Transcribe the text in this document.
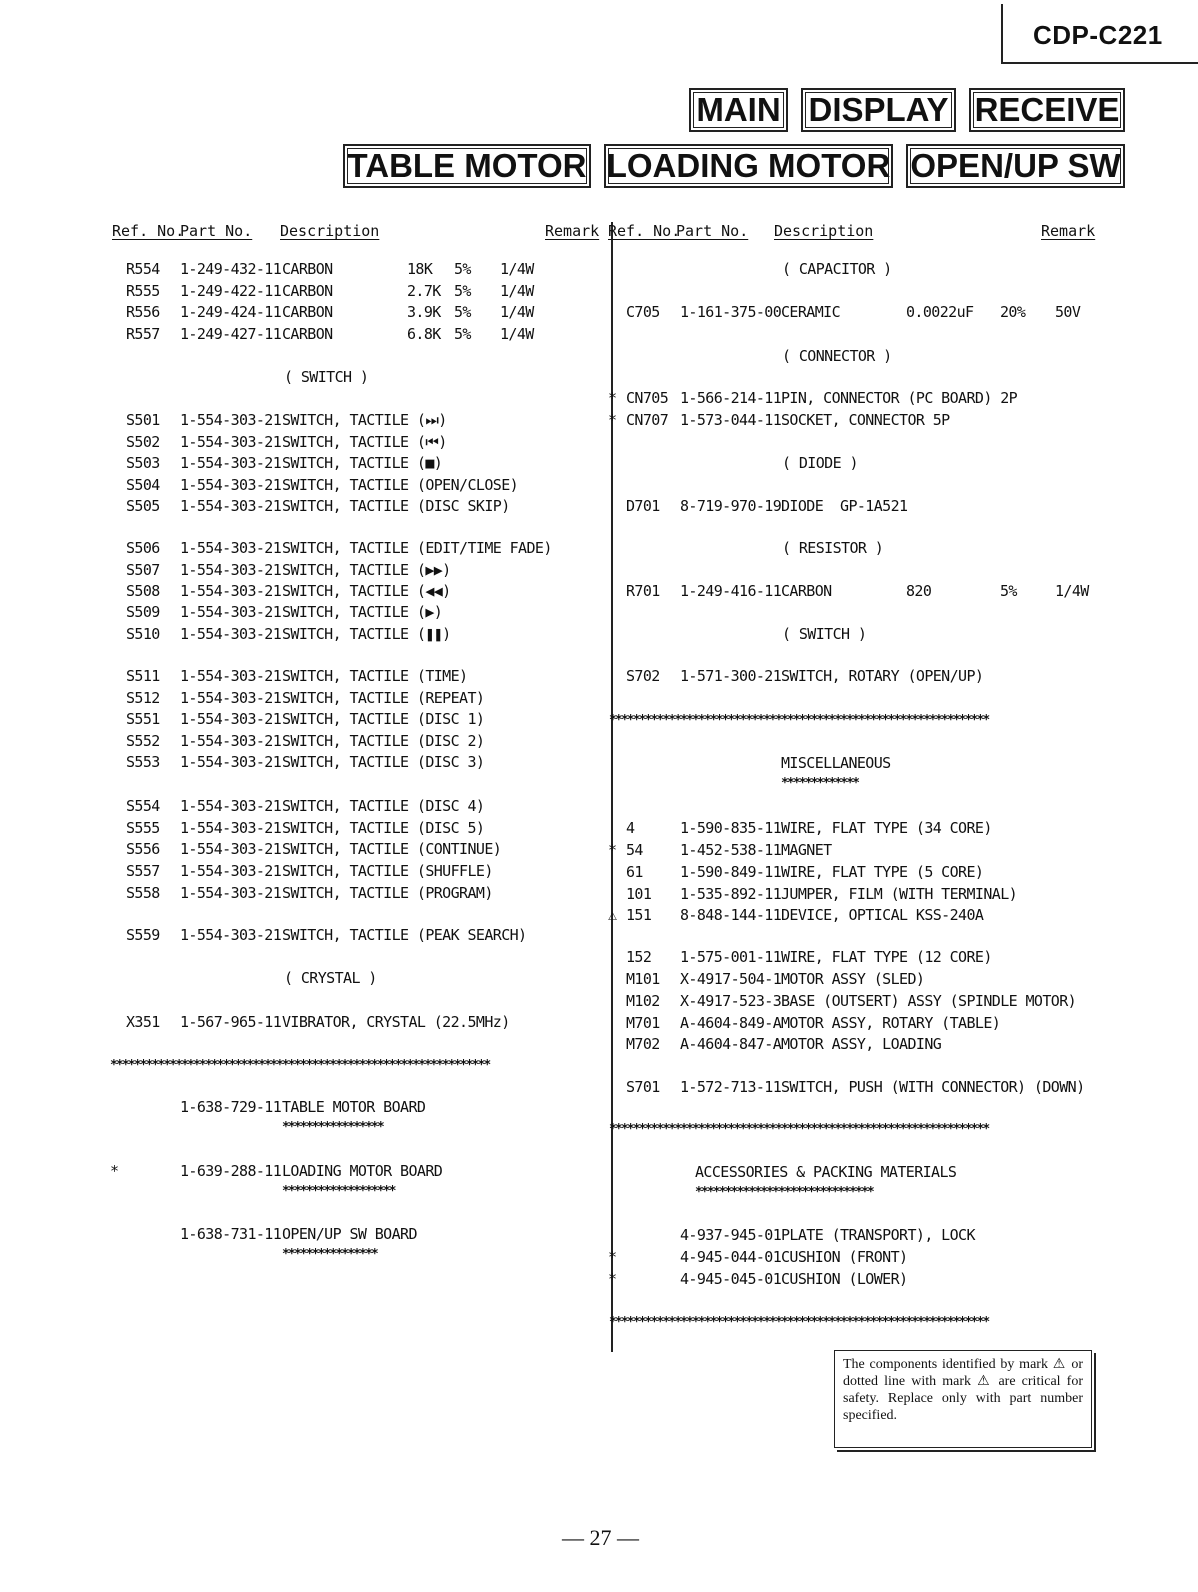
CDP-C221
MAIN DISPLAY RECEIVE
TABLE MOTOR LOADING MOTOR OPEN/UP SW
Ref. No.
Part No. Description	Remark
R554 1-249-432-11 CARBON	18K 5% 1/4W
R555 1-249-422-11 CARBON	2.7K 5% 1/4W
R556 1-249-424-11 CARBON	3.9K 5% 1/4W
R557 1-249-427-11 CARBON	6.8K 5% 1/4W
( SWITCH )
S501 1-554-303-21 SWITCH, TACTILE (⏭)
S502 1-554-303-21 SWITCH, TACTILE (⏮)
S503 1-554-303-21 SWITCH, TACTILE (■)
S504 1-554-303-21 SWITCH, TACTILE (OPEN/CLOSE)
S505 1-554-303-21 SWITCH, TACTILE (DISC SKIP)
S506 1-554-303-21 SWITCH, TACTILE (EDIT/TIME FADE)
S507 1-554-303-21 SWITCH, TACTILE (▶▶)
S508 1-554-303-21 SWITCH, TACTILE (◀◀)
S509 1-554-303-21 SWITCH, TACTILE (▶)
S510 1-554-303-21 SWITCH, TACTILE (❚❚)
S511 1-554-303-21 SWITCH, TACTILE (TIME)
S512 1-554-303-21 SWITCH, TACTILE (REPEAT)
S551 1-554-303-21 SWITCH, TACTILE (DISC 1)
S552 1-554-303-21 SWITCH, TACTILE (DISC 2)
S553 1-554-303-21 SWITCH, TACTILE (DISC 3)
S554 1-554-303-21 SWITCH, TACTILE (DISC 4)
S555 1-554-303-21 SWITCH, TACTILE (DISC 5)
S556 1-554-303-21 SWITCH, TACTILE (CONTINUE)
S557 1-554-303-21 SWITCH, TACTILE (SHUFFLE)
S558 1-554-303-21 SWITCH, TACTILE (PROGRAM)
S559 1-554-303-21 SWITCH, TACTILE (PEAK SEARCH)
( CRYSTAL )
X351 1-567-965-11 VIBRATOR, CRYSTAL (22.5MHz)
****************************************************************
1-638-729-11 TABLE MOTOR BOARD
*****************
*	1-639-288-11 LOADING MOTOR BOARD
*******************
1-638-731-11 OPEN/UP SW BOARD
****************
Ref. No.
Part No. Description	Remark
( CAPACITOR )
C705 1-161-375-00 CERAMIC	0.0022uF 20% 50V
( CONNECTOR )
* CN705 1-566-214-11 PIN, CONNECTOR (PC BOARD) 2P
* CN707 1-573-044-11 SOCKET, CONNECTOR 5P
( DIODE )
D701 8-719-970-19 DIODE  GP-1A521
( RESISTOR )
R701 1-249-416-11 CARBON	820	5%	1/4W
( SWITCH )
S702 1-571-300-21 SWITCH, ROTARY (OPEN/UP)
****************************************************************
MISCELLANEOUS
*************
4	1-590-835-11 WIRE, FLAT TYPE (34 CORE)
* 54 1-452-538-11 MAGNET
61 1-590-849-11 WIRE, FLAT TYPE (5 CORE)
101 1-535-892-11 JUMPER, FILM (WITH TERMINAL)
⚠ 151 8-848-144-11 DEVICE, OPTICAL KSS-240A
152 1-575-001-11 WIRE, FLAT TYPE (12 CORE)
M101 X-4917-504-1 MOTOR ASSY (SLED)
M102 X-4917-523-3 BASE (OUTSERT) ASSY (SPINDLE MOTOR)
M701 A-4604-849-A MOTOR ASSY, ROTARY (TABLE)
M702 A-4604-847-A MOTOR ASSY, LOADING
S701 1-572-713-11 SWITCH, PUSH (WITH CONNECTOR) (DOWN)
****************************************************************
ACCESSORIES & PACKING MATERIALS
******************************
4-937-945-01 PLATE (TRANSPORT), LOCK
*	4-945-044-01 CUSHION (FRONT)
*	4-945-045-01 CUSHION (LOWER)
****************************************************************
The components identified by mark ⚠ or dotted line with mark ⚠ are critical for safety. Replace only with part number specified.
— 27 —
